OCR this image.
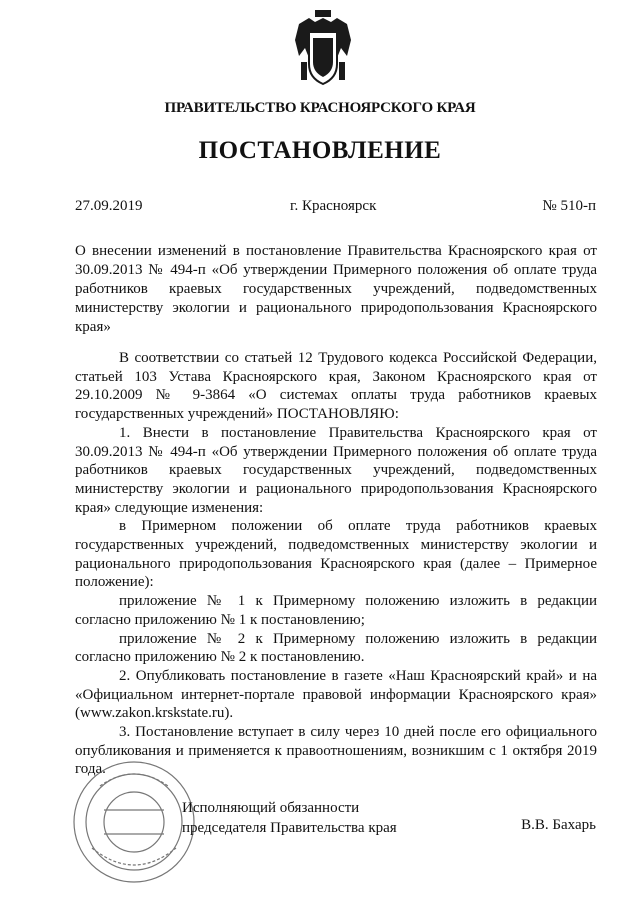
ПРАВИТЕЛЬСТВО КРАСНОЯРСКОГО КРАЯ
ПОСТАНОВЛЕНИЕ
27.09.2019	г. Красноярск	№ 510-п
О внесении изменений в постановление Правительства Красноярского края от 30.09.2013 № 494-п «Об утверждении Примерного положения об оплате труда работников краевых государственных учреждений, подведомственных министерству экологии и рационального природопользования Красноярского края»

В соответствии со статьей 12 Трудового кодекса Российской Федерации, статьей 103 Устава Красноярского края, Законом Красноярского края от 29.10.2009 № 9-3864 «О системах оплаты труда работников краевых государственных учреждений» ПОСТАНОВЛЯЮ:

1. Внести в постановление Правительства Красноярского края от 30.09.2013 № 494-п «Об утверждении Примерного положения об оплате труда работников краевых государственных учреждений, подведомственных министерству экологии и рационального природопользования Красноярского края» следующие изменения:

в Примерном положении об оплате труда работников краевых государственных учреждений, подведомственных министерству экологии и рационального природопользования Красноярского края (далее – Примерное положение):

приложение № 1 к Примерному положению изложить в редакции согласно приложению № 1 к постановлению;

приложение № 2 к Примерному положению изложить в редакции согласно приложению № 2 к постановлению.

2. Опубликовать постановление в газете «Наш Красноярский край» и на «Официальном интернет-портале правовой информации Красноярского края» (www.zakon.krskstate.ru).

3. Постановление вступает в силу через 10 дней после его официального опубликования и применяется к правоотношениям, возникшим с 1 октября 2019 года.

Исполняющий обязанности
председателя Правительства края	В.В. Бахарь
